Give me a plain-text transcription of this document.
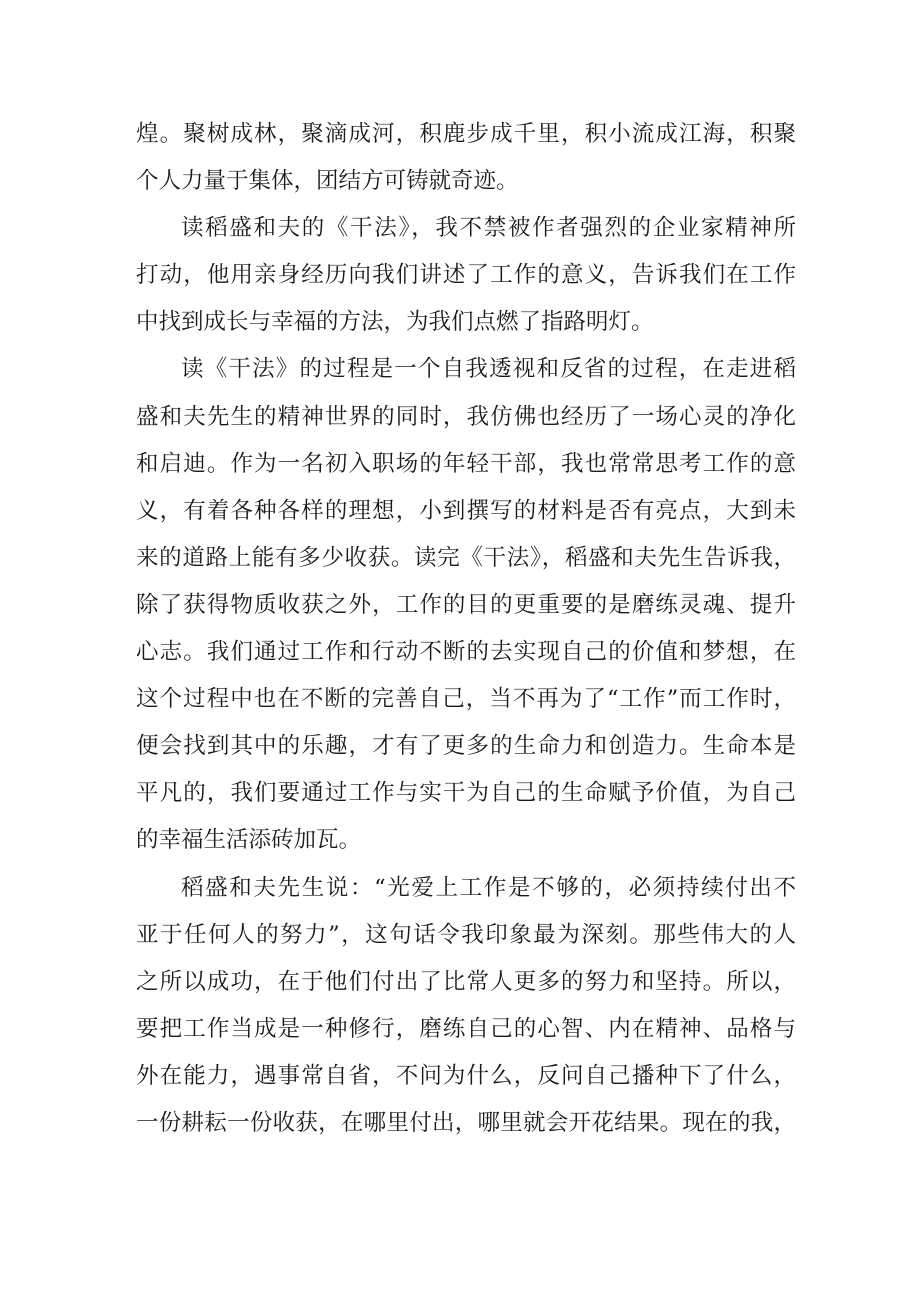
煌。聚树成林，聚滴成河，积鹿步成千里，积小流成江海，积聚
个人力量于集体，团结方可铸就奇迹。
读稻盛和夫的《干法》，我不禁被作者强烈的企业家精神所
打动，他用亲身经历向我们讲述了工作的意义，告诉我们在工作
中找到成长与幸福的方法，为我们点燃了指路明灯。
读《干法》的过程是一个自我透视和反省的过程，在走进稻
盛和夫先生的精神世界的同时，我仿佛也经历了一场心灵的净化
和启迪。作为一名初入职场的年轻干部，我也常常思考工作的意
义，有着各种各样的理想，小到撰写的材料是否有亮点，大到未
来的道路上能有多少收获。读完《干法》，稻盛和夫先生告诉我，
除了获得物质收获之外，工作的目的更重要的是磨练灵魂、提升
心志。我们通过工作和行动不断的去实现自己的价值和梦想，在
这个过程中也在不断的完善自己，当不再为了“工作”而工作时，
便会找到其中的乐趣，才有了更多的生命力和创造力。生命本是
平凡的，我们要通过工作与实干为自己的生命赋予价值，为自己
的幸福生活添砖加瓦。
稻盛和夫先生说：“光爱上工作是不够的，必须持续付出不
亚于任何人的努力”，这句话令我印象最为深刻。那些伟大的人
之所以成功，在于他们付出了比常人更多的努力和坚持。所以，
要把工作当成是一种修行，磨练自己的心智、内在精神、品格与
外在能力，遇事常自省，不问为什么，反问自己播种下了什么，
一份耕耘一份收获，在哪里付出，哪里就会开花结果。现在的我，
